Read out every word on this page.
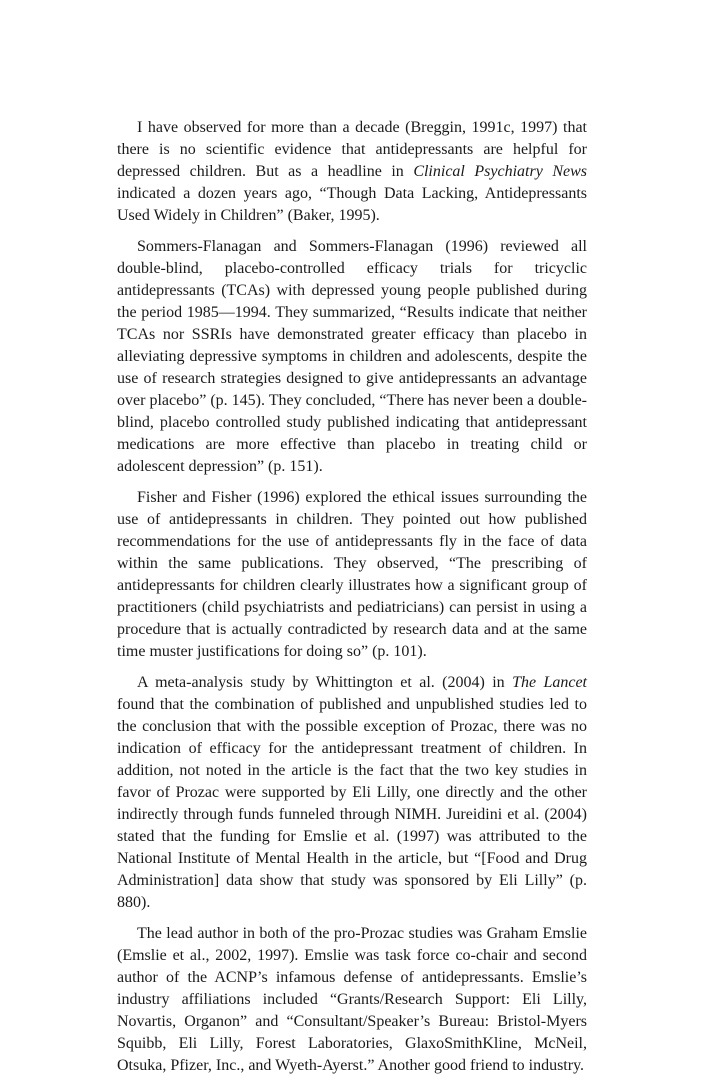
I have observed for more than a decade (Breggin, 1991c, 1997) that there is no scientific evidence that antidepressants are helpful for depressed children. But as a headline in Clinical Psychiatry News indicated a dozen years ago, “Though Data Lacking, Antidepressants Used Widely in Children” (Baker, 1995).

Sommers-Flanagan and Sommers-Flanagan (1996) reviewed all double-blind, placebo-controlled efficacy trials for tricyclic antidepressants (TCAs) with depressed young people published during the period 1985—1994. They summarized, “Results indicate that neither TCAs nor SSRIs have demonstrated greater efficacy than placebo in alleviating depressive symptoms in children and adolescents, despite the use of research strategies designed to give antidepressants an advantage over placebo” (p. 145). They concluded, “There has never been a double-blind, placebo controlled study published indicating that antidepressant medications are more effective than placebo in treating child or adolescent depression” (p. 151).

Fisher and Fisher (1996) explored the ethical issues surrounding the use of antidepressants in children. They pointed out how published recommendations for the use of antidepressants fly in the face of data within the same publications. They observed, “The prescribing of antidepressants for children clearly illustrates how a significant group of practitioners (child psychiatrists and pediatricians) can persist in using a procedure that is actually contradicted by research data and at the same time muster justifications for doing so” (p. 101).

A meta-analysis study by Whittington et al. (2004) in The Lancet found that the combination of published and unpublished studies led to the conclusion that with the possible exception of Prozac, there was no indication of efficacy for the antidepressant treatment of children. In addition, not noted in the article is the fact that the two key studies in favor of Prozac were supported by Eli Lilly, one directly and the other indirectly through funds funneled through NIMH. Jureidini et al. (2004) stated that the funding for Emslie et al. (1997) was attributed to the National Institute of Mental Health in the article, but “[Food and Drug Administration] data show that study was sponsored by Eli Lilly” (p. 880).

The lead author in both of the pro-Prozac studies was Graham Emslie (Emslie et al., 2002, 1997). Emslie was task force co-chair and second author of the ACNP’s infamous defense of antidepressants. Emslie’s industry affiliations included “Grants/Research Support: Eli Lilly, Novartis, Organon” and “Consultant/Speaker’s Bureau: Bristol-Myers Squibb, Eli Lilly, Forest Laboratories, GlaxoSmithKline, McNeil, Otsuka, Pfizer, Inc., and Wyeth-Ayerst.” Another good friend to industry.
